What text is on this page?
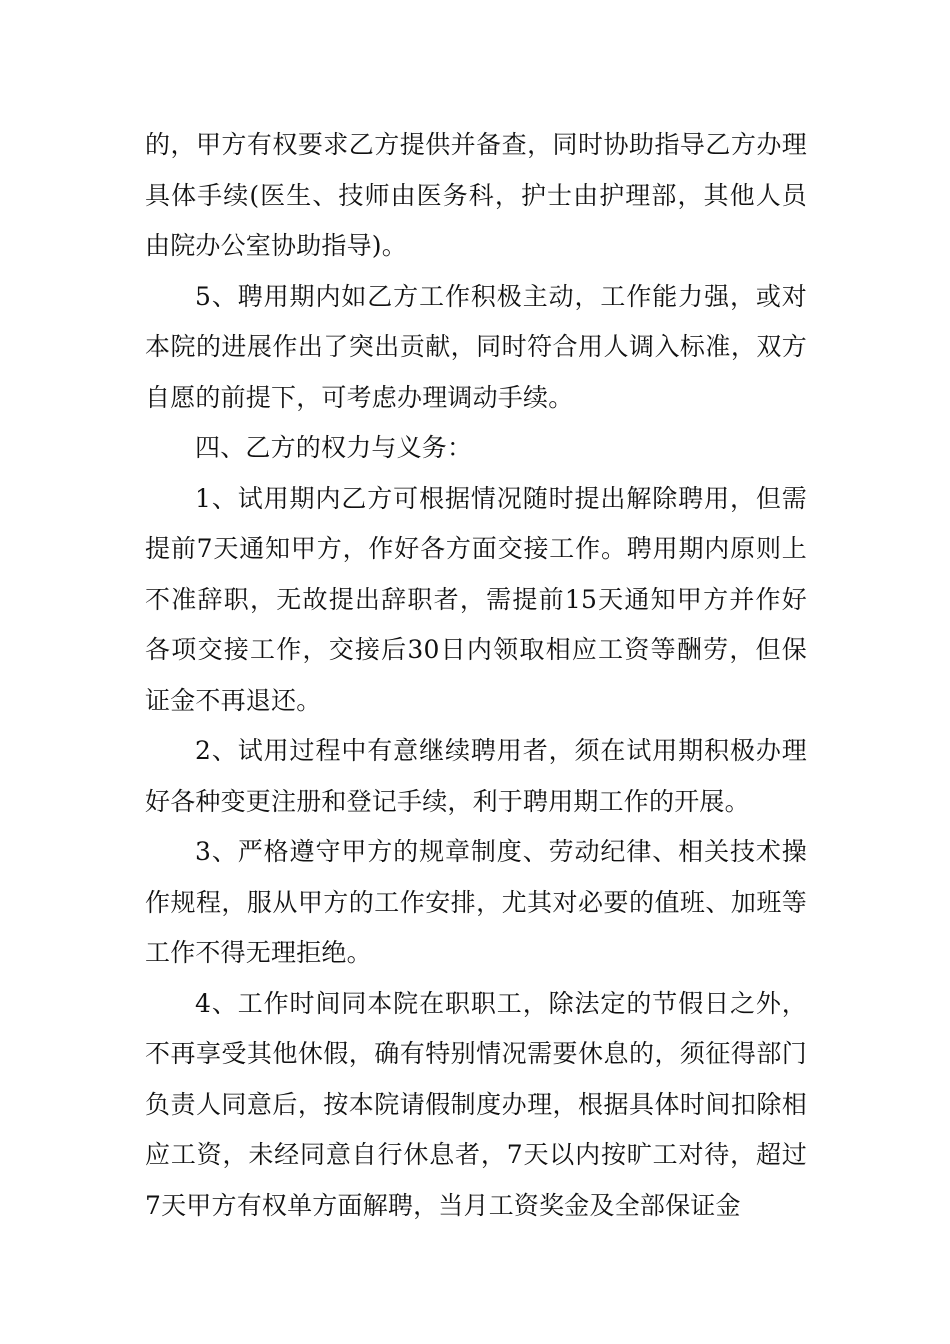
的，甲方有权要求乙方提供并备查，同时协助指导乙方办理具体手续(医生、技师由医务科，护士由护理部，其他人员由院办公室协助指导)。

5、聘用期内如乙方工作积极主动，工作能力强，或对本院的进展作出了突出贡献，同时符合用人调入标准，双方自愿的前提下，可考虑办理调动手续。

四、乙方的权力与义务：

1、试用期内乙方可根据情况随时提出解除聘用，但需提前7天通知甲方，作好各方面交接工作。聘用期内原则上不准辞职，无故提出辞职者，需提前15天通知甲方并作好各项交接工作，交接后30日内领取相应工资等酬劳，但保证金不再退还。

2、试用过程中有意继续聘用者，须在试用期积极办理好各种变更注册和登记手续，利于聘用期工作的开展。

3、严格遵守甲方的规章制度、劳动纪律、相关技术操作规程，服从甲方的工作安排，尤其对必要的值班、加班等工作不得无理拒绝。

4、工作时间同本院在职职工，除法定的节假日之外，不再享受其他休假，确有特别情况需要休息的，须征得部门负责人同意后，按本院请假制度办理，根据具体时间扣除相应工资，未经同意自行休息者，7天以内按旷工对待，超过7天甲方有权单方面解聘，当月工资奖金及全部保证金
